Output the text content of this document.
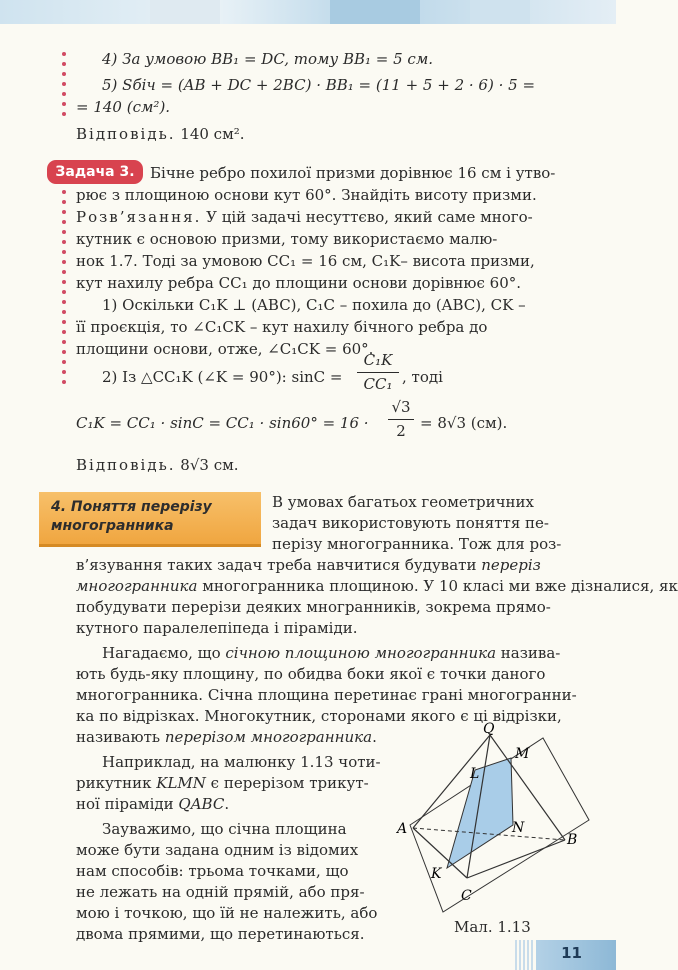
4) За умовою BB₁ = DC, тому BB₁ = 5 см.
5) Sбіч = (AB + DC + 2BC) · BB₁ = (11 + 5 + 2 · 6) · 5 =
= 140 (см²).
Відповідь. 140 см².
Задача 3.	Бічне ребро похилої призми дорівнює 16 см і утво-
рює з площиною основи кут 60°. Знайдіть висоту призми.
Розв’язання. У цій задачі несуттєво, який саме много-
кутник є основою призми, тому використаємо малю-
нок 1.7. Тоді за умовою CC₁ = 16 см, C₁K– висота призми,
кут нахилу ребра CC₁ до площини основи дорівнює 60°.
1) Оскільки C₁K ⊥ (ABC), C₁C – похила до (ABC), CK –
її проєкція, то ∠C₁CK – кут нахилу бічного ребра до
площини основи, отже, ∠C₁CK = 60°.
2) Із △CC₁K (∠K = 90°): sinC =
C₁K
CC₁ , тоді
C₁K = CC₁ · sinC = CC₁ · sin60° = 16 ·
√3
2 = 8√3 (см).
Відповідь. 8√3 см.
4. Поняття перерізу
многогранника
В умовах багатьох геометричних
задач використовують поняття пе-
перізу многогранника. Тож для роз-
в’язування таких задач треба навчитися будувати переріз
многогранника многогранника площиною. У 10 класі ми вже дізналися, як
побудувати перерізи деяких многранників, зокрема прямо-
кутного паралелепіпеда і піраміди.
Нагадаємо, що січною площиною многогранника назива-
ють будь-яку площину, по обидва боки якої є точки даного
многогранника. Січна площина перетинає грані многогранни-
ка по відрізках. Многокутник, сторонами якого є ці відрізки,
називають перерізом многогранника.
Наприклад, на малюнку 1.13 чоти-
рикутник KLMN є перерізом трикут-
ної піраміди QABC.
Зауважимо, що січна площина
може бути задана одним із відомих
нам способів: трьома точками, що
не лежать на одній прямій, або пря-
мою і точкою, що їй не належить, або
двома прямими, що перетинаються.
Q
M
L
A	N
B
K
C
Мал. 1.13
11
